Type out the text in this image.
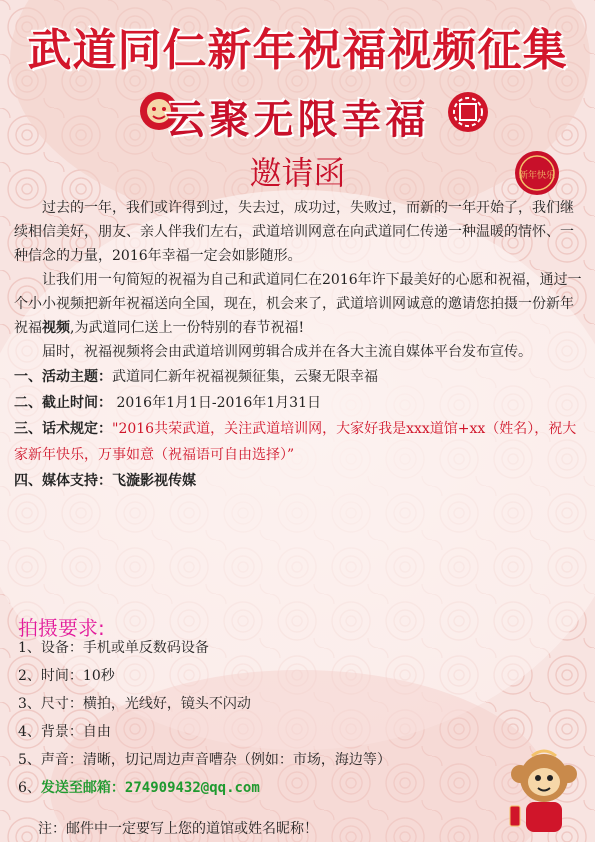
武道同仁新年祝福视频征集
云聚无限幸福
邀请函	新年快乐

过去的一年，我们或许得到过，失去过，成功过，失败过，而新的一年开始了，我们继续相信美好，朋友、亲人伴我们左右，武道培训网意在向武道同仁传递一种温暖的情怀、一种信念的力量，2016年幸福一定会如影随形。

让我们用一句简短的祝福为自己和武道同仁在2016年许下最美好的心愿和祝福，通过一个小小视频把新年祝福送向全国，现在，机会来了，武道培训网诚意的邀请您拍摄一份新年祝福视频,为武道同仁送上一份特别的春节祝福!

届时，祝福视频将会由武道培训网剪辑合成并在各大主流自媒体平台发布宣传。

一、活动主题：武道同仁新年祝福视频征集，云聚无限幸福
二、截止时间： 2016年1月1日-2016年1月31日
三、话术规定："2016共荣武道，关注武道培训网，大家好我是xxx道馆+xx（姓名），祝大家新年快乐，万事如意（祝福语可自由选择）”
四、媒体支持：飞漩影视传媒
拍摄要求:
1、设备：手机或单反数码设备
2、时间：10秒
3、尺寸：横拍，光线好，镜头不闪动
4、背景：自由
5、声音：清晰，切记周边声音嘈杂（例如：市场，海边等）
6、发送至邮箱：274909432@qq.com
注：邮件中一定要写上您的道馆或姓名昵称！
